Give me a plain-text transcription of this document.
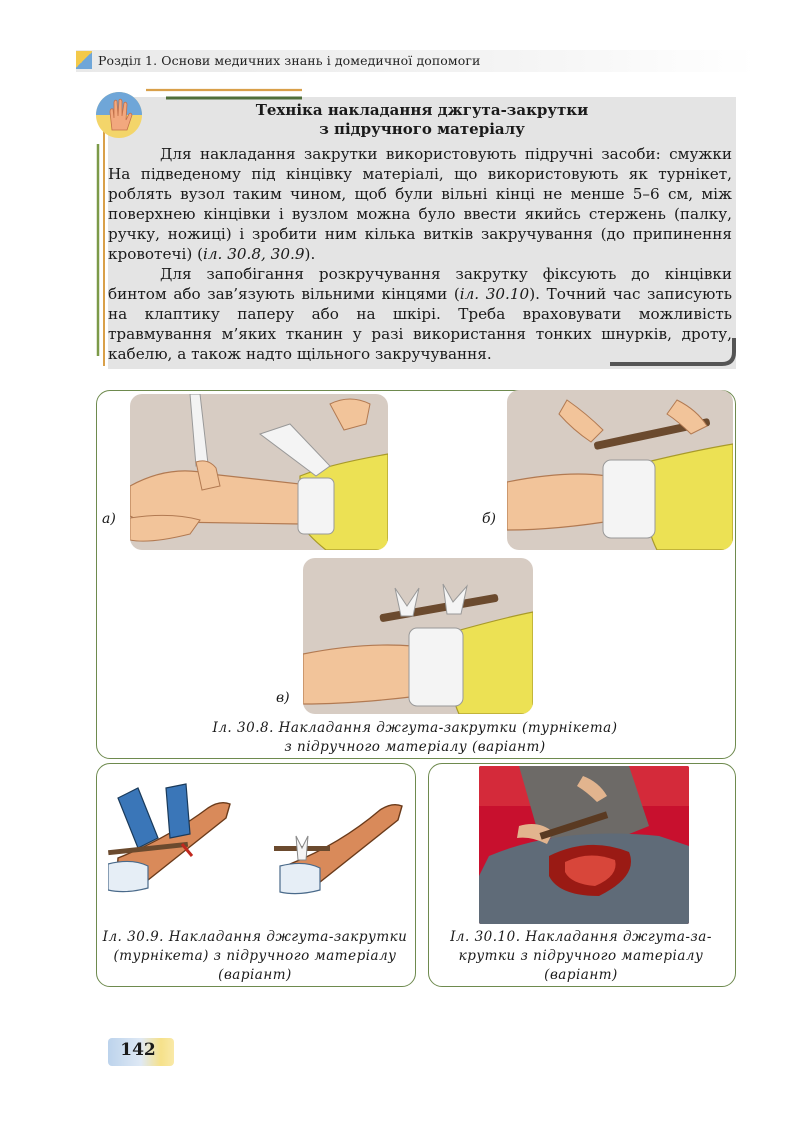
Розділ 1. Основи медичних знань і домедичної допомоги
Техніка накладання джгута-закрутки
з підручного матеріалу

Для накладання закрутки використовують підручні засоби: смужки На підведеному під кінцівку матеріалі, що використовують як турнікет, роблять вузол таким чином, щоб були вільні кінці не менше 5–6 см, між поверхнею кінцівки і вузлом можна було ввести якийсь стержень (палку, ручку, ножиці) і зробити ним кілька витків закручування (до припинення кровотечі) (іл. 30.8, 30.9).

Для запобігання розкручування закрутку фіксують до кінцівки бинтом або зав’язують вільними кінцями (іл. 30.10). Точний час записують на клаптику паперу або на шкірі. Треба враховувати можливість травмування м’яких тканин у разі використання тонких шнурків, дроту, кабелю, а також надто щільного закручування.

а)	б)
в)
Іл. 30.8. Накладання джгута-закрутки (турнікета)
з підручного матеріалу (варіант)
Іл. 30.9. Накладання джгута-закрутки
(турнікета) з підручного матеріалу
(варіант)
Іл. 30.10. Накладання джгута-за-
крутки з підручного матеріалу
(варіант)
142
